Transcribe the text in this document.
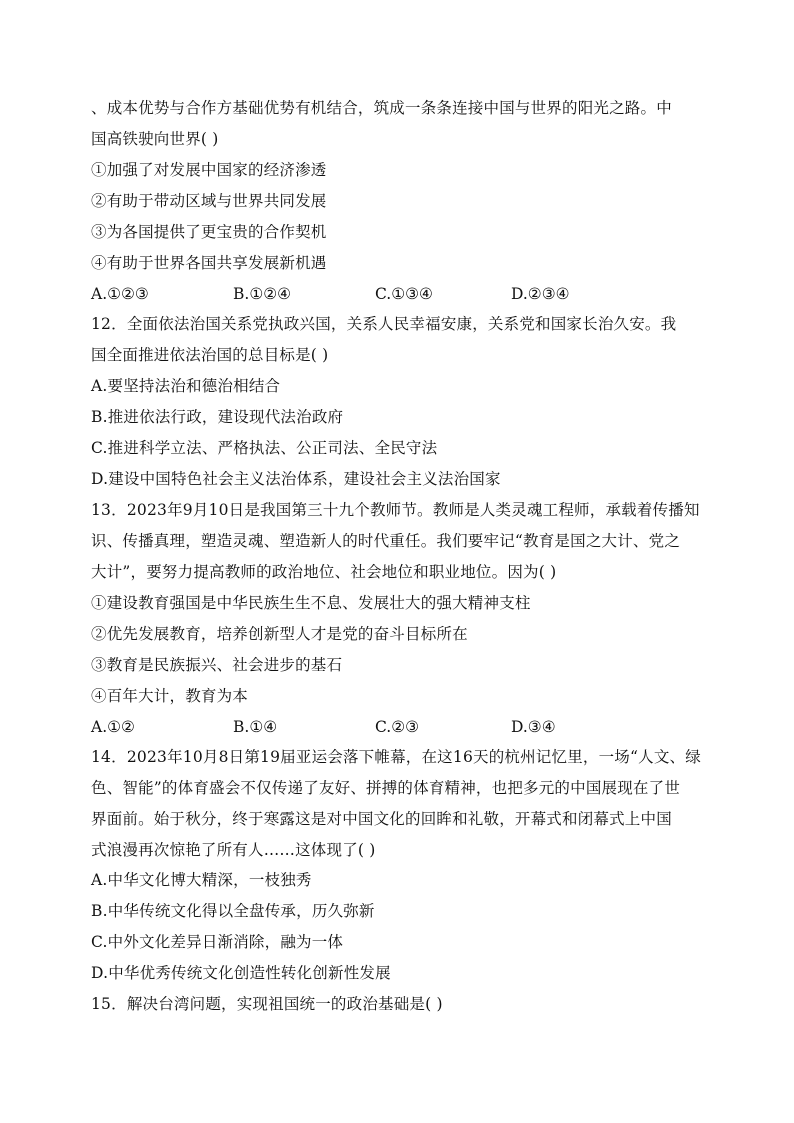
、成本优势与合作方基础优势有机结合，筑成一条条连接中国与世界的阳光之路。中
国高铁驶向世界( )
①加强了对发展中国家的经济渗透
②有助于带动区域与世界共同发展
③为各国提供了更宝贵的合作契机
④有助于世界各国共享发展新机遇
A.①②③	B.①②④	C.①③④	D.②③④
12．全面依法治国关系党执政兴国，关系人民幸福安康，关系党和国家长治久安。我
国全面推进依法治国的总目标是( )
A.要坚持法治和德治相结合
B.推进依法行政，建设现代法治政府
C.推进科学立法、严格执法、公正司法、全民守法
D.建设中国特色社会主义法治体系，建设社会主义法治国家
13．2023年9月10日是我国第三十九个教师节。教师是人类灵魂工程师，承载着传播知
识、传播真理，塑造灵魂、塑造新人的时代重任。我们要牢记“教育是国之大计、党之
大计”，要努力提高教师的政治地位、社会地位和职业地位。因为( )
①建设教育强国是中华民族生生不息、发展壮大的强大精神支柱
②优先发展教育，培养创新型人才是党的奋斗目标所在
③教育是民族振兴、社会进步的基石
④百年大计，教育为本
A.①②	B.①④	C.②③	D.③④
14．2023年10月8日第19届亚运会落下帷幕，在这16天的杭州记忆里，一场“人文、绿
色、智能”的体育盛会不仅传递了友好、拼搏的体育精神，也把多元的中国展现在了世
界面前。始于秋分，终于寒露这是对中国文化的回眸和礼敬，开幕式和闭幕式上中国
式浪漫再次惊艳了所有人……这体现了( )
A.中华文化博大精深，一枝独秀
B.中华传统文化得以全盘传承，历久弥新
C.中外文化差异日渐消除，融为一体
D.中华优秀传统文化创造性转化创新性发展
15．解决台湾问题，实现祖国统一的政治基础是( )
